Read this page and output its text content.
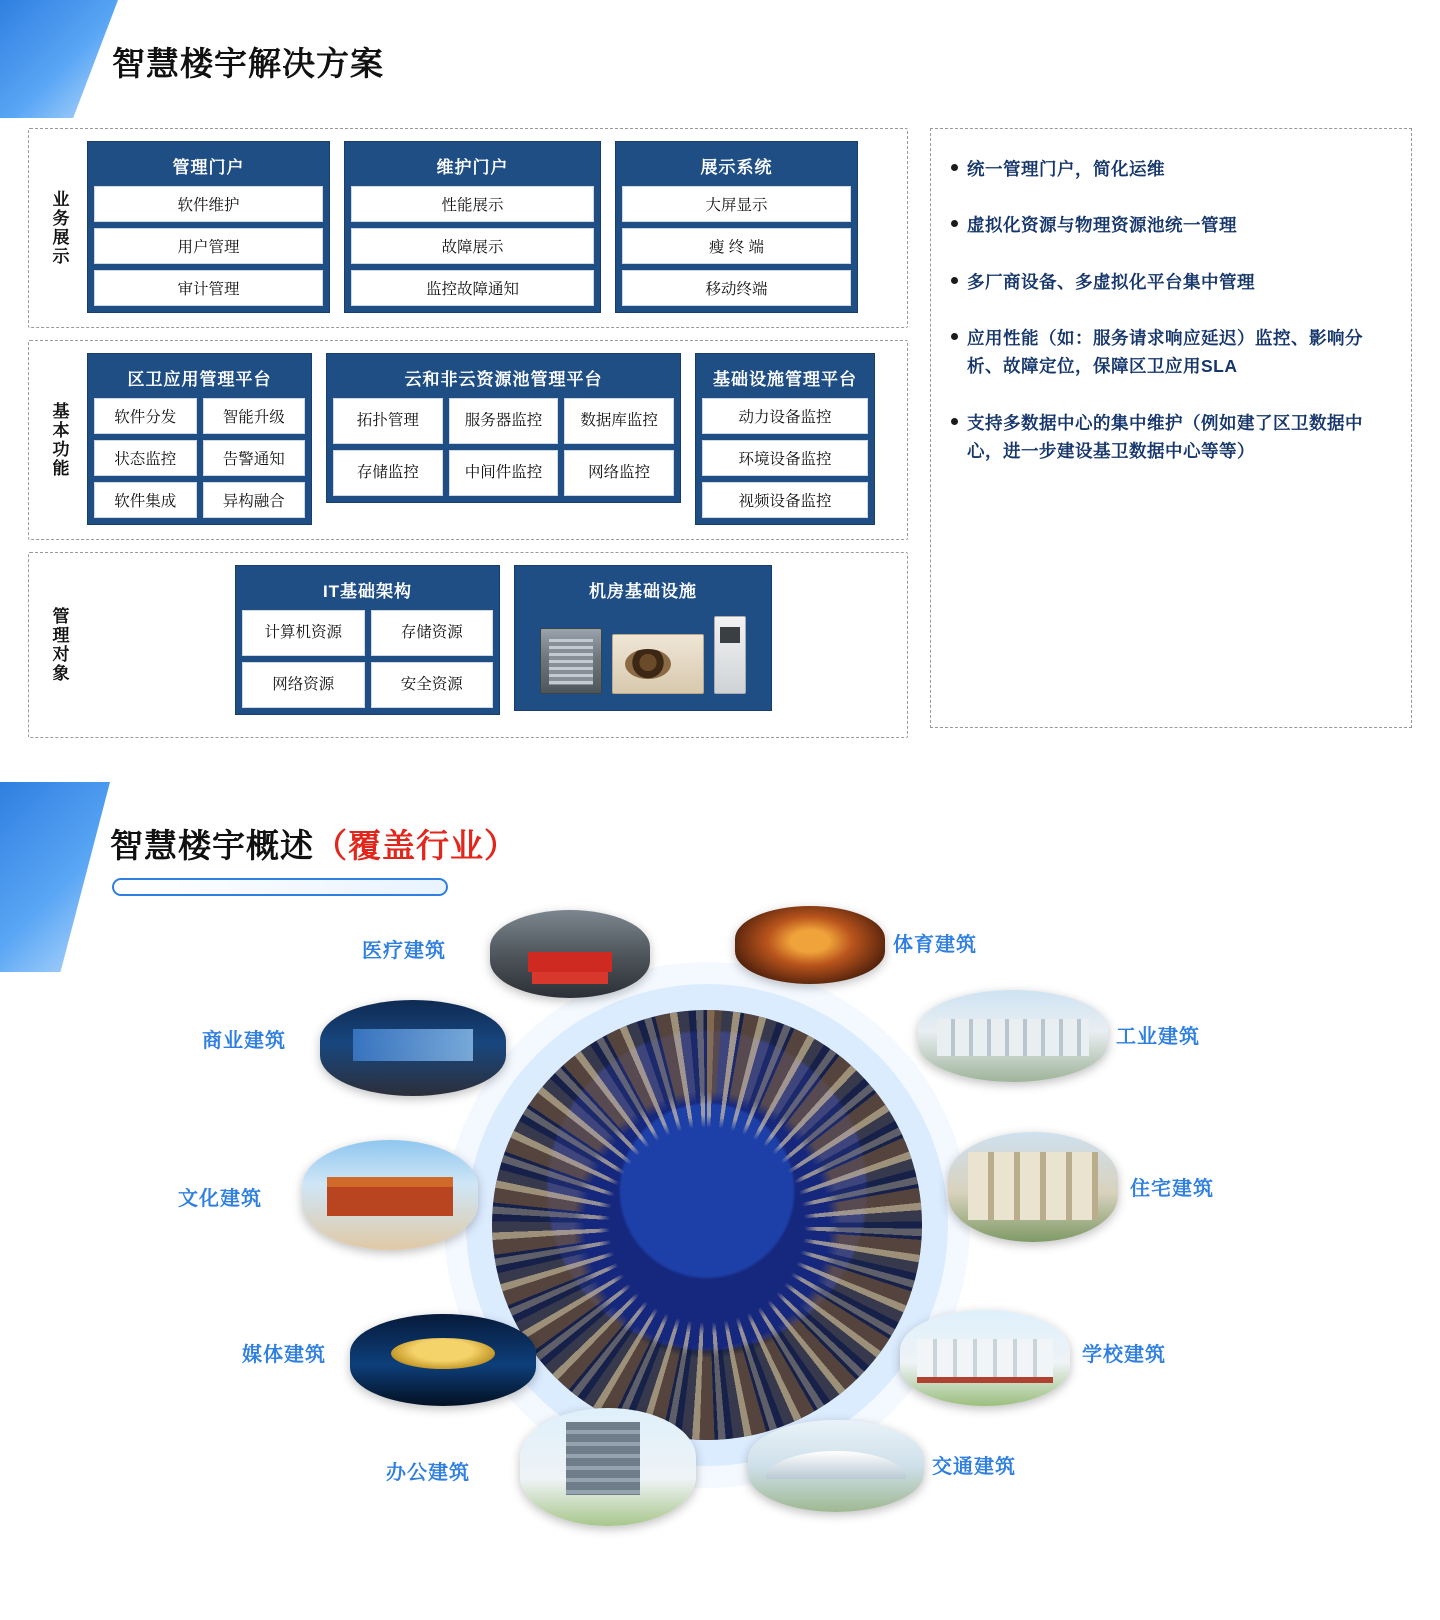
智慧楼宇解决方案
业务展示
管理门户
软件维护
用户管理
审计管理
维护门户
性能展示
故障展示
监控故障通知
展示系统
大屏显示
瘦 终 端
移动终端
基本功能
区卫应用管理平台
软件分发	智能升级
状态监控	告警通知
软件集成	异构融合
云和非云资源池管理平台
拓扑管理	服务器监控	数据库监控
存储监控	中间件监控	网络监控
基础设施管理平台
动力设备监控
环境设备监控
视频设备监控
管理对象
IT基础架构
计算机资源	存储资源
网络资源	安全资源
机房基础设施
统一管理门户，简化运维
虚拟化资源与物理资源池统一管理
多厂商设备、多虚拟化平台集中管理
应用性能（如：服务请求响应延迟）监控、影响分析、故障定位，保障区卫应用SLA
支持多数据中心的集中维护（例如建了区卫数据中心，进一步建设基卫数据中心等等）
智慧楼宇概述（覆盖行业）
医疗建筑	体育建筑
商业建筑	工业建筑
文化建筑	住宅建筑
媒体建筑	学校建筑
办公建筑	交通建筑
